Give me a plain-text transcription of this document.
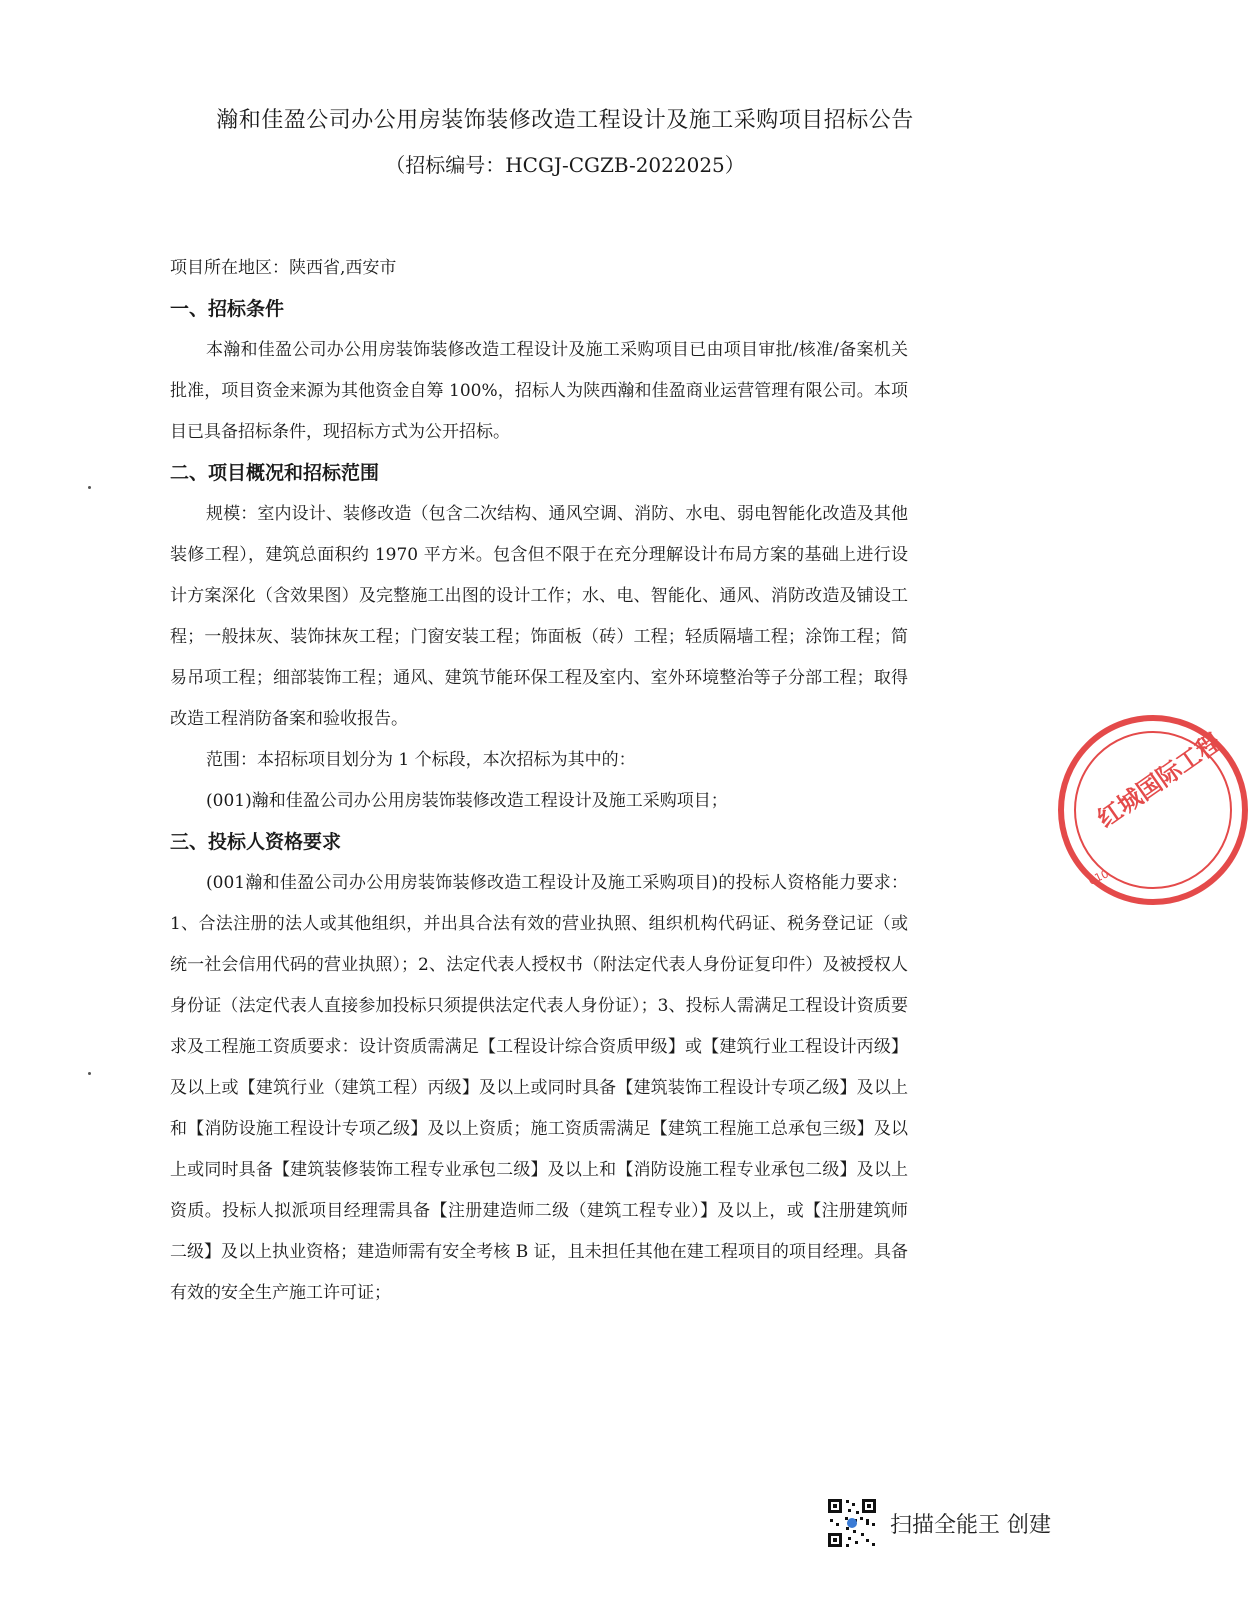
瀚和佳盈公司办公用房装饰装修改造工程设计及施工采购项目招标公告
（招标编号：HCGJ-CGZB-2022025）

项目所在地区：陕西省,西安市

一、招标条件

本瀚和佳盈公司办公用房装饰装修改造工程设计及施工采购项目已由项目审批/核准/备案机关批准，项目资金来源为其他资金自筹 100%，招标人为陕西瀚和佳盈商业运营管理有限公司。本项目已具备招标条件，现招标方式为公开招标。

二、项目概况和招标范围

规模：室内设计、装修改造（包含二次结构、通风空调、消防、水电、弱电智能化改造及其他装修工程），建筑总面积约 1970 平方米。包含但不限于在充分理解设计布局方案的基础上进行设计方案深化（含效果图）及完整施工出图的设计工作；水、电、智能化、通风、消防改造及铺设工程；一般抹灰、装饰抹灰工程；门窗安装工程；饰面板（砖）工程；轻质隔墙工程；涂饰工程；简易吊项工程；细部装饰工程；通风、建筑节能环保工程及室内、室外环境整治等子分部工程；取得改造工程消防备案和验收报告。

范围：本招标项目划分为 1 个标段，本次招标为其中的：

(001)瀚和佳盈公司办公用房装饰装修改造工程设计及施工采购项目；

三、投标人资格要求

(001瀚和佳盈公司办公用房装饰装修改造工程设计及施工采购项目)的投标人资格能力要求：1、合法注册的法人或其他组织，并出具合法有效的营业执照、组织机构代码证、税务登记证（或统一社会信用代码的营业执照）；2、法定代表人授权书（附法定代表人身份证复印件）及被授权人身份证（法定代表人直接参加投标只须提供法定代表人身份证）；3、投标人需满足工程设计资质要求及工程施工资质要求：设计资质需满足【工程设计综合资质甲级】或【建筑行业工程设计丙级】及以上或【建筑行业（建筑工程）丙级】及以上或同时具备【建筑装饰工程设计专项乙级】及以上和【消防设施工程设计专项乙级】及以上资质；施工资质需满足【建筑工程施工总承包三级】及以上或同时具备【建筑装修装饰工程专业承包二级】及以上和【消防设施工程专业承包二级】及以上资质。投标人拟派项目经理需具备【注册建造师二级（建筑工程专业）】及以上，或【注册建筑师二级】及以上执业资格；建造师需有安全考核 B 证，且未担任其他在建工程项目的项目经理。具备有效的安全生产施工许可证；

红城国际工程
610
扫描全能王 创建
